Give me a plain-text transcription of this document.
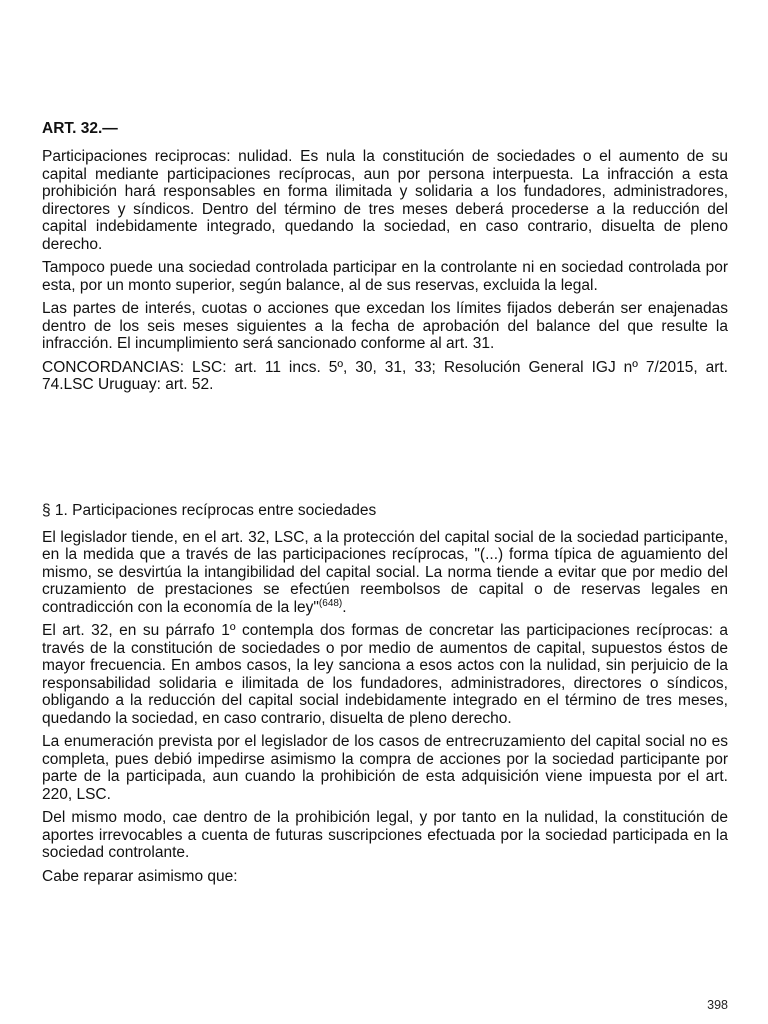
ART. 32.—

Participaciones reciprocas: nulidad. Es nula la constitución de sociedades o el aumento de su capital mediante participaciones recíprocas, aun por persona interpuesta. La infracción a esta prohibición hará responsables en forma ilimitada y solidaria a los fundadores, administradores, directores y síndicos. Dentro del término de tres meses deberá procederse a la reducción del capital indebidamente integrado, quedando la sociedad, en caso contrario, disuelta de pleno derecho.

Tampoco puede una sociedad controlada participar en la controlante ni en sociedad controlada por esta, por un monto superior, según balance, al de sus reservas, excluida la legal.

Las partes de interés, cuotas o acciones que excedan los límites fijados deberán ser enajenadas dentro de los seis meses siguientes a la fecha de aprobación del balance del que resulte la infracción. El incumplimiento será sancionado conforme al art. 31.

CONCORDANCIAS: LSC: art. 11 incs. 5º, 30, 31, 33; Resolución General IGJ nº 7/2015, art. 74.LSC Uruguay: art. 52.

§ 1. Participaciones recíprocas entre sociedades

El legislador tiende, en el art. 32, LSC, a la protección del capital social de la sociedad participante, en la medida que a través de las participaciones recíprocas, "(...) forma típica de aguamiento del mismo, se desvirtúa la intangibilidad del capital social. La norma tiende a evitar que por medio del cruzamiento de prestaciones se efectúen reembolsos de capital o de reservas legales en contradicción con la economía de la ley"$^{(648)}$.

El art. 32, en su párrafo 1º contempla dos formas de concretar las participaciones recíprocas: a través de la constitución de sociedades o por medio de aumentos de capital, supuestos éstos de mayor frecuencia. En ambos casos, la ley sanciona a esos actos con la nulidad, sin perjuicio de la responsabilidad solidaria e ilimitada de los fundadores, administradores, directores o síndicos, obligando a la reducción del capital social indebidamente integrado en el término de tres meses, quedando la sociedad, en caso contrario, disuelta de pleno derecho.

La enumeración prevista por el legislador de los casos de entrecruzamiento del capital social no es completa, pues debió impedirse asimismo la compra de acciones por la sociedad participante por parte de la participada, aun cuando la prohibición de esta adquisición viene impuesta por el art. 220, LSC.

Del mismo modo, cae dentro de la prohibición legal, y por tanto en la nulidad, la constitución de aportes irrevocables a cuenta de futuras suscripciones efectuada por la sociedad participada en la sociedad controlante.

Cabe reparar asimismo que:

398
